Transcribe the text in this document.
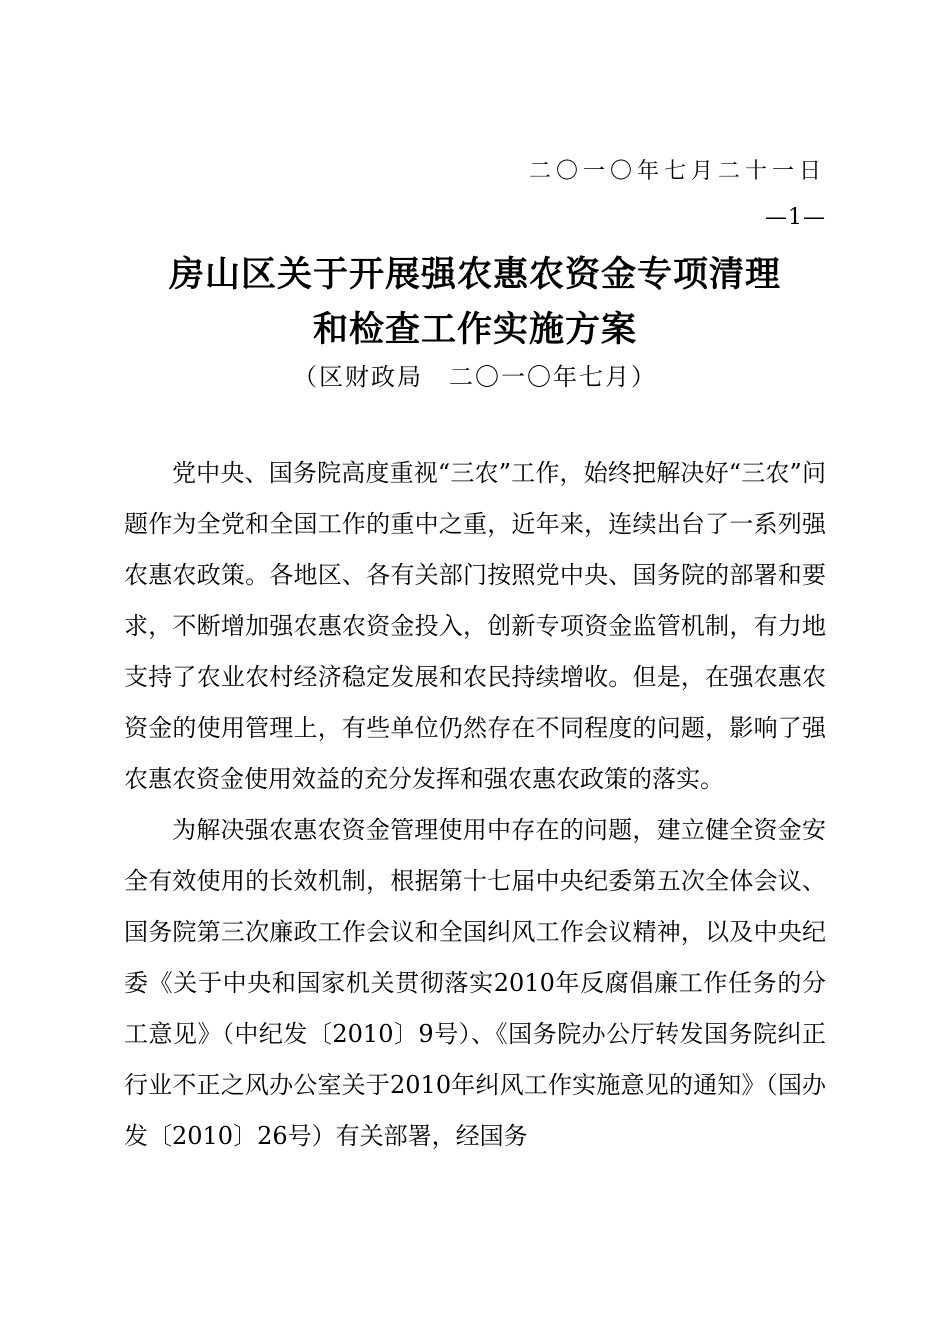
二〇一〇年七月二十一日
—1—
房山区关于开展强农惠农资金专项清理
和检查工作实施方案
（区财政局　二〇一〇年七月）

党中央、国务院高度重视“三农”工作，始终把解决好“三农”问题作为全党和全国工作的重中之重，近年来，连续出台了一系列强农惠农政策。各地区、各有关部门按照党中央、国务院的部署和要求，不断增加强农惠农资金投入，创新专项资金监管机制，有力地支持了农业农村经济稳定发展和农民持续增收。但是，在强农惠农资金的使用管理上，有些单位仍然存在不同程度的问题，影响了强农惠农资金使用效益的充分发挥和强农惠农政策的落实。

为解决强农惠农资金管理使用中存在的问题，建立健全资金安全有效使用的长效机制，根据第十七届中央纪委第五次全体会议、国务院第三次廉政工作会议和全国纠风工作会议精神，以及中央纪委《关于中央和国家机关贯彻落实2010年反腐倡廉工作任务的分工意见》（中纪发〔2010〕9号）、《国务院办公厅转发国务院纠正行业不正之风办公室关于2010年纠风工作实施意见的通知》（国办发〔2010〕26号）有关部署，经国务
